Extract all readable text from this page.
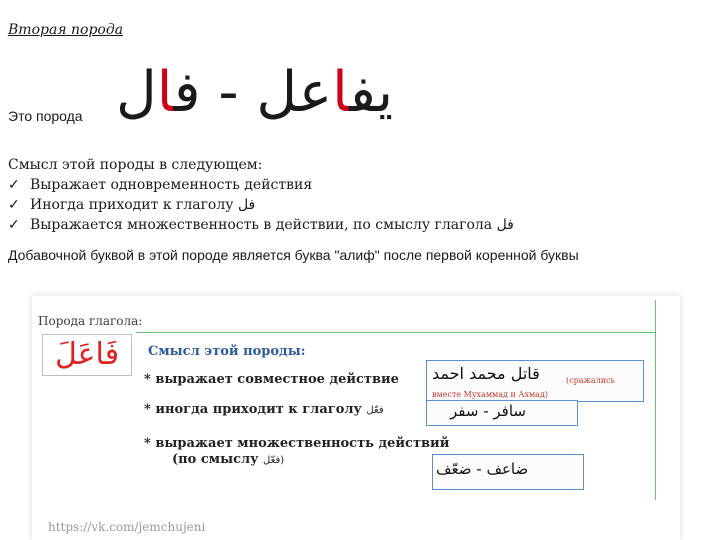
Вторая порода
Это порода	يفاعل - فال
Смысл этой породы в следующем:
✓ Выражает одновременность действия
✓ Иногда приходит к глаголу فل
✓ Выражается множественность в действии, по смыслу глагола فل
Добавочной буквой в этой породе является буква "алиф" после первой коренной буквы
Порода глагола:
فَاعَلَ	Смысл этой породы:
* выражает совместное действие
* иногда приходит к глаголу فعّل
* выражает множественность действий
(по смыслу فعّل)
قاتل محمد احمد	(сражались
вместе Мухаммад и Ахмад)
سافر - سفر
ضاعف - ضعّف
https://vk.com/jemchujeni
